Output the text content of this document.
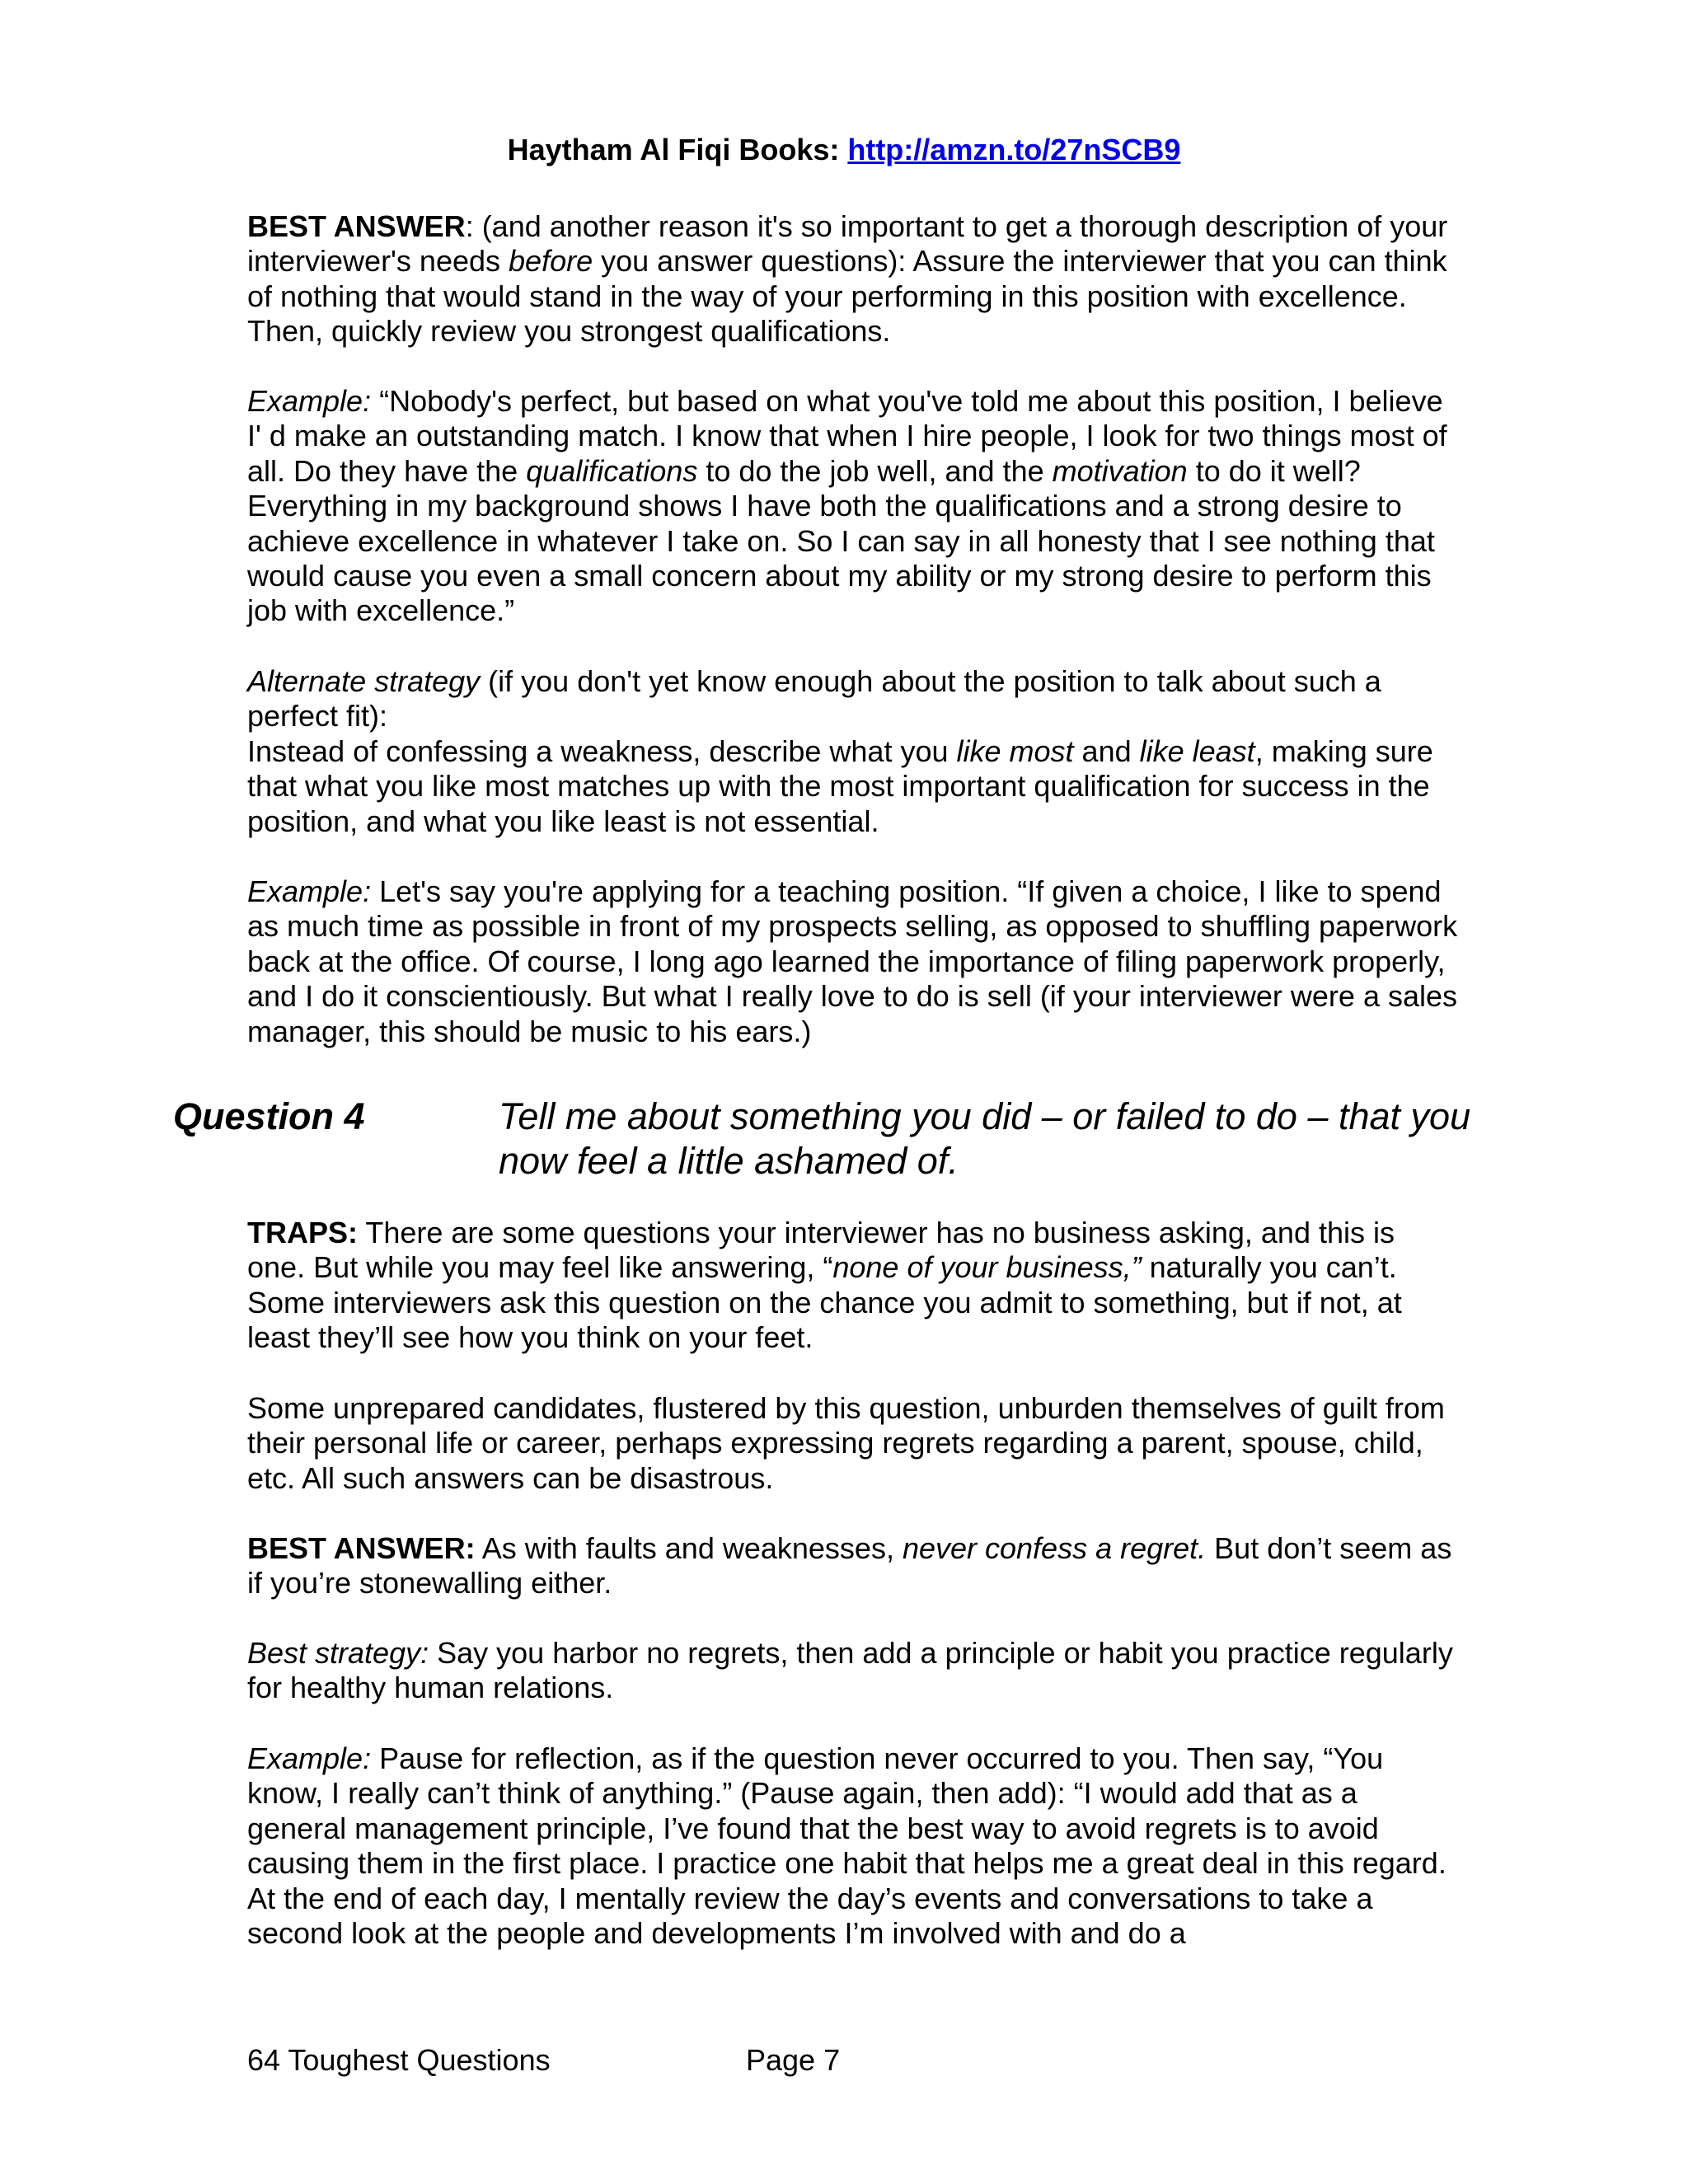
Haytham Al Fiqi Books: http://amzn.to/27nSCB9

BEST ANSWER: (and another reason it's so important to get a thorough description of your interviewer's needs before you answer questions): Assure the interviewer that you can think of nothing that would stand in the way of your performing in this position with excellence. Then, quickly review you strongest qualifications.

Example: “Nobody's perfect, but based on what you've told me about this position, I believe I' d make an outstanding match. I know that when I hire people, I look for two things most of all. Do they have the qualifications to do the job well, and the motivation to do it well? Everything in my background shows I have both the qualifications and a strong desire to achieve excellence in whatever I take on. So I can say in all honesty that I see nothing that would cause you even a small concern about my ability or my strong desire to perform this job with excellence.”

Alternate strategy (if you don't yet know enough about the position to talk about such a perfect fit):
Instead of confessing a weakness, describe what you like most and like least, making sure that what you like most matches up with the most important qualification for success in the position, and what you like least is not essential.

Example: Let's say you're applying for a teaching position. “If given a choice, I like to spend as much time as possible in front of my prospects selling, as opposed to shuffling paperwork back at the office. Of course, I long ago learned the importance of filing paperwork properly, and I do it conscientiously. But what I really love to do is sell (if your interviewer were a sales manager, this should be music to his ears.)

Question 4	Tell me about something you did – or failed to do – that you now feel a little ashamed of.

TRAPS: There are some questions your interviewer has no business asking, and this is one. But while you may feel like answering, “none of your business,” naturally you can’t. Some interviewers ask this question on the chance you admit to something, but if not, at least they’ll see how you think on your feet.

Some unprepared candidates, flustered by this question, unburden themselves of guilt from their personal life or career, perhaps expressing regrets regarding a parent, spouse, child, etc. All such answers can be disastrous.

BEST ANSWER: As with faults and weaknesses, never confess a regret. But don’t seem as if you’re stonewalling either.

Best strategy: Say you harbor no regrets, then add a principle or habit you practice regularly for healthy human relations.

Example: Pause for reflection, as if the question never occurred to you. Then say, “You know, I really can’t think of anything.” (Pause again, then add): “I would add that as a general management principle, I’ve found that the best way to avoid regrets is to avoid causing them in the first place. I practice one habit that helps me a great deal in this regard. At the end of each day, I mentally review the day’s events and conversations to take a second look at the people and developments I’m involved with and do a

64 Toughest Questions	Page 7
